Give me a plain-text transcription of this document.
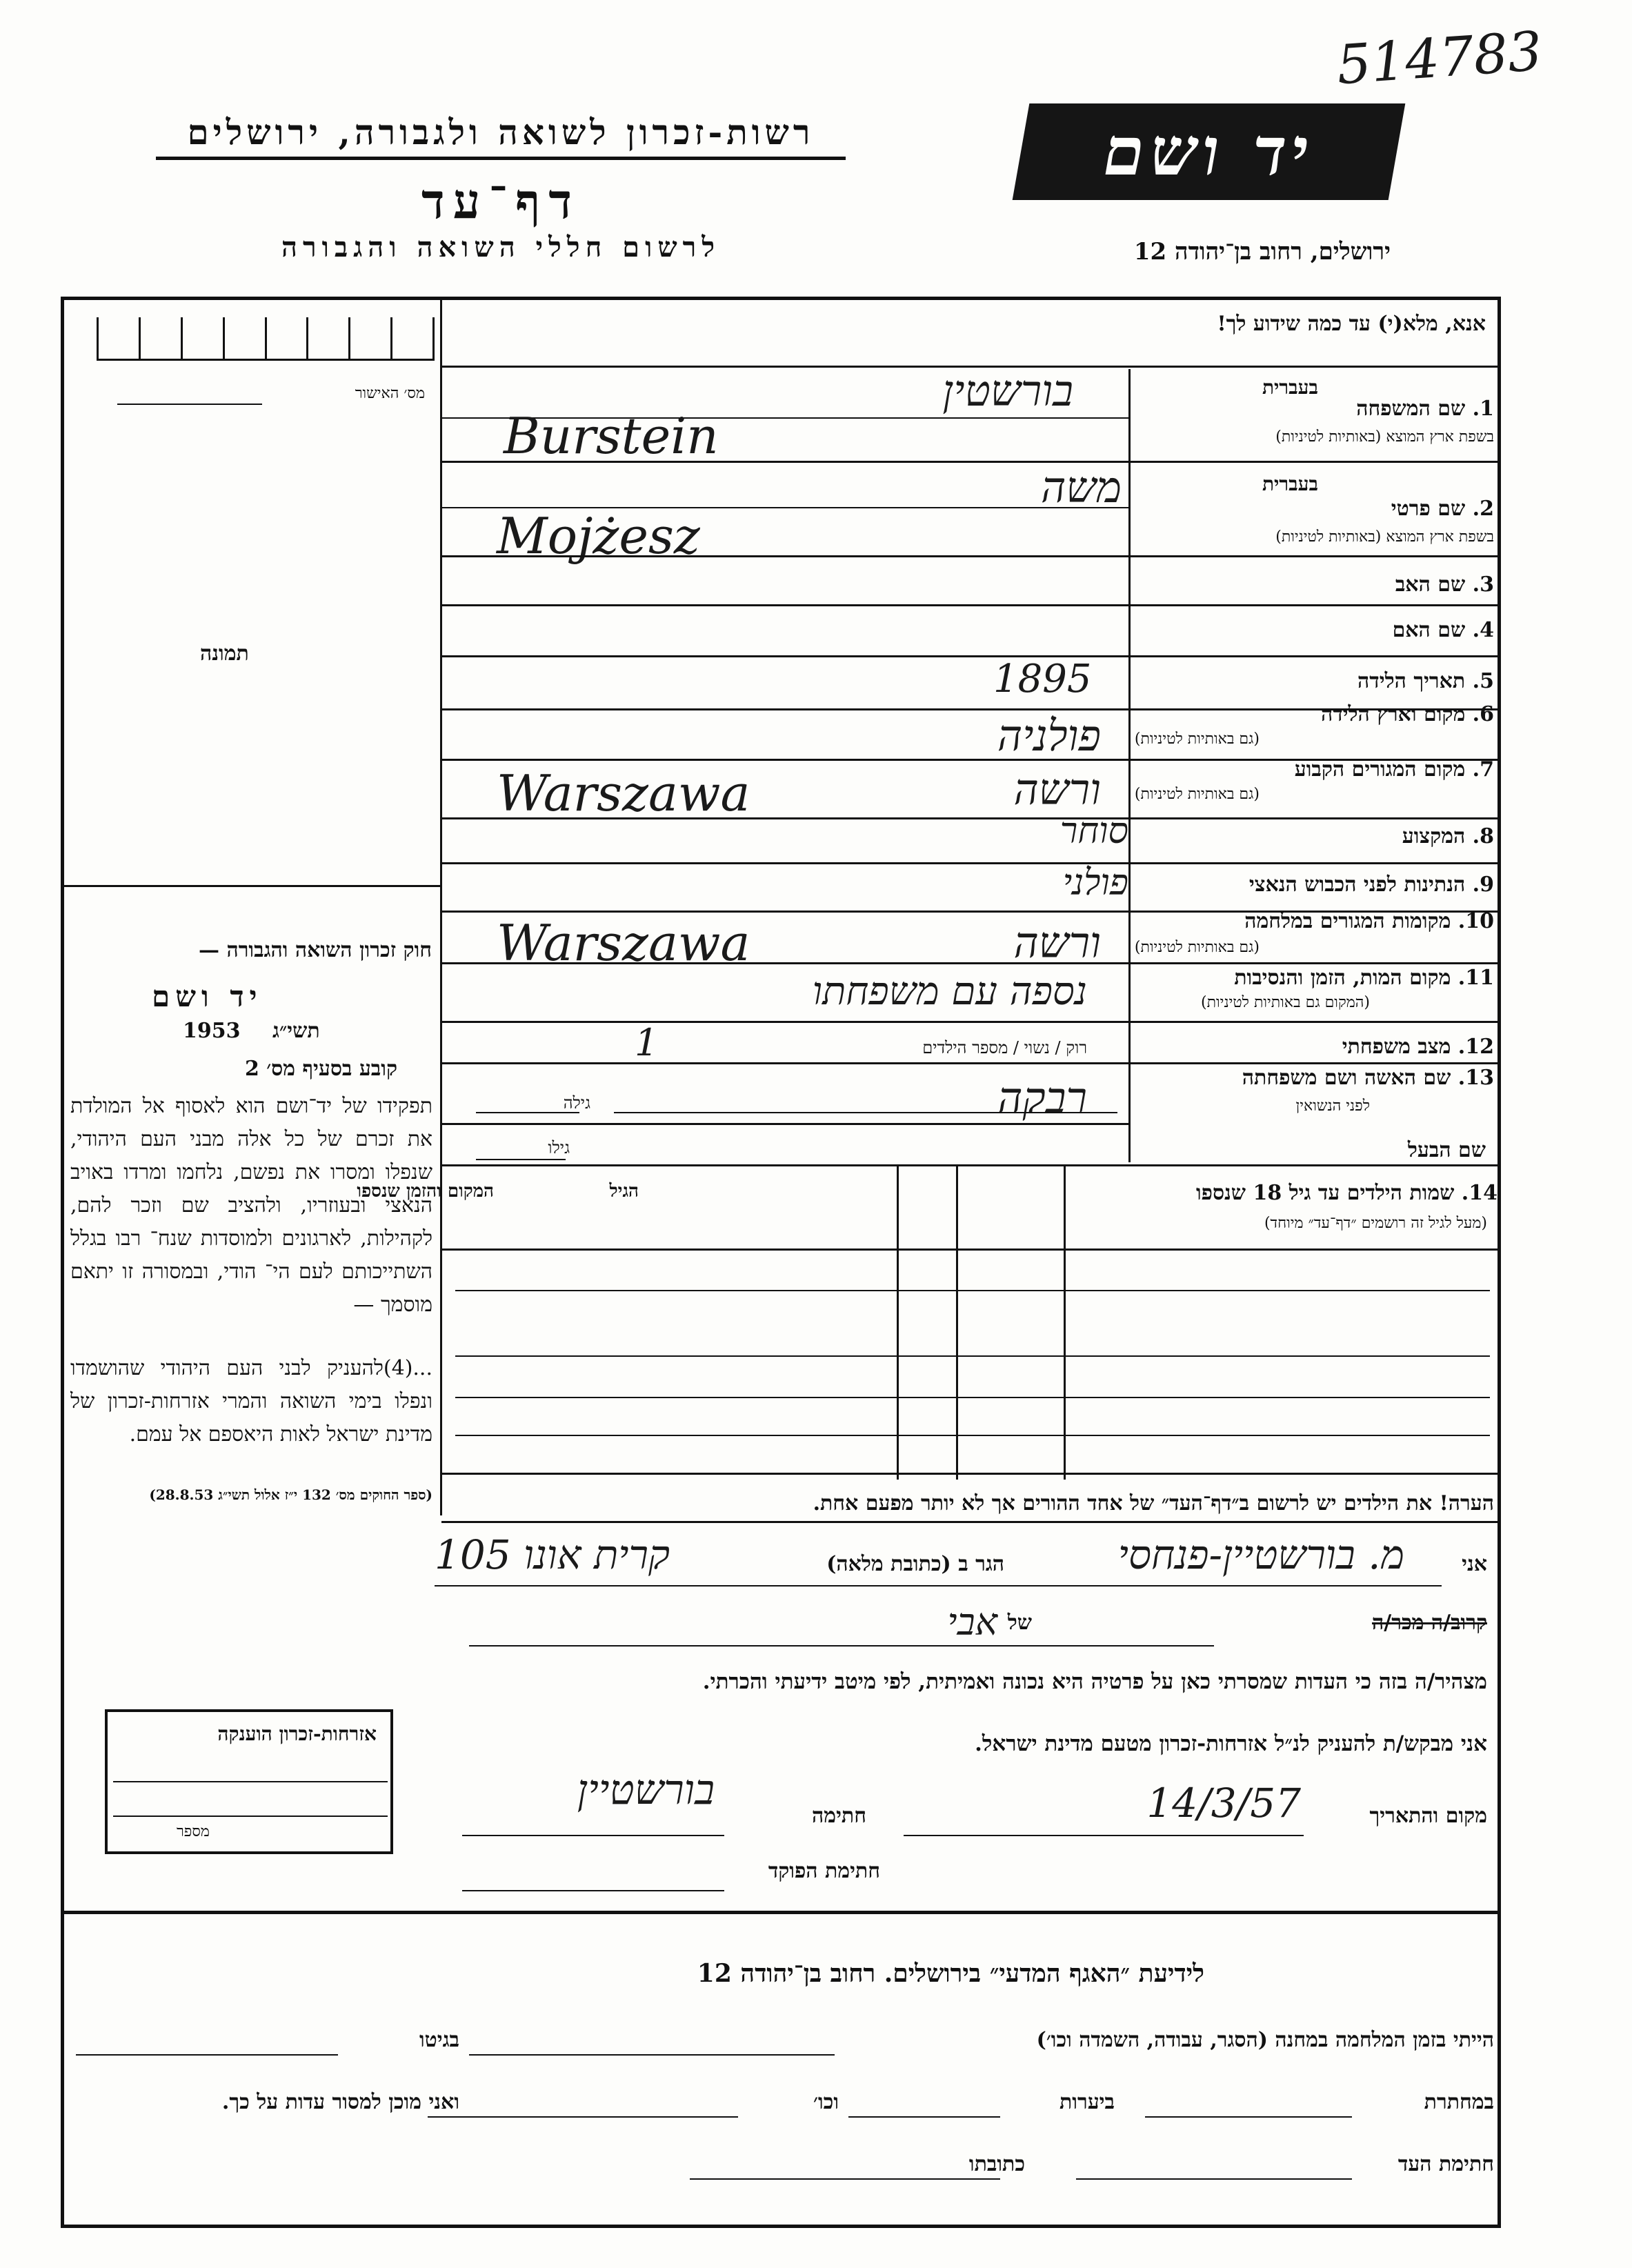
514783
רשות-זכרון לשואה ולגבורה, ירושלים
דף־עד
לרשום חללי השואה והגבורה
יד ושם
ירושלים, רחוב בן־יהודה 12
אנא, מלא(י) עד כמה שידוע לך!
מס׳ האישור
תמונה
חוק זכרון השואה והגבורה —
יד ושם
1953 תשי״ג
קובע בסעיף מס׳ 2
תפקידו של יד־ושם הוא לאסוף אל המולדת את זכרם של כל אלה מבני העם היהודי, שנפלו ומסרו את נפשם, נלחמו ומרדו באויב הנאצי ובעוזריו, ולהציב שם וזכר להם, לקהילות, לארגונים ולמוסדות שנח־ רבו בגלל השתייכותם לעם הי־ הודי, ובמסורה זו יתאם מוסמך —
...(4)להעניק לבני העם היהודי שהושמדו ונפלו בימי השואה והמרי אזרחות-זכרון של מדינת ישראל לאות היאספם אל עמם.
(ספר החוקים מס׳ 132 י״ז אלול תשי״ג 28.8.53)
בעברית
1. שם המשפחה
בשפת ארץ המוצא (באותיות לטיניות)
בורשטין
Burstein
בעברית
2. שם פרטי
בשפת ארץ המוצא (באותיות לטיניות)
משה
Mojżesz
3. שם האב
4. שם האם
5. תאריך הלידה
1895
6. מקום וארץ הלידה
(גם באותיות לטיניות)
פולניה
7. מקום המגורים הקבוע
(גם באותיות לטיניות)
ורשה
Warszawa
8. המקצוע
סוחר
9. הנתינות לפני הכבוש הנאצי
פולני
10. מקומות המגורים במלחמה
(גם באותיות לטיניות)
ורשה
Warszawa
11. מקום המות, הזמן והנסיבות
(המקום גם באותיות לטיניות)
נספה עם משפחתו
12. מצב משפחתי
רוק / נשוי / מספר הילדים
1
13. שם האשה ושם משפחתה
לפני הנשואין
גילה	רבקה
שם הבעל
גילו
14. שמות הילדים עד גיל 18 שנספו
(מעל לגיל זה רושמים ״דף־עד״ מיוחד)
הגיל
המקום והזמן שנספו
הערה! את הילדים יש לרשום ב״דף־העד״ של אחד ההורים אך לא יותר מפעם אחת.
אני
מ. בורשטיין-פנחסי
הגר ב (כתובת מלאה)
קרית אונו 105
קרוב/ה מכר/ה
של
אבי
מצהיר/ה בזה כי העדות שמסרתי כאן על פרטיה היא נכונה ואמיתית, לפי מיטב ידיעתי והכרתי.
אני מבקש/ת להעניק לנ״ל אזרחות-זכרון מטעם מדינת ישראל.
מקום והתאריך
14/3/57
חתימה
בורשטיין
חתימת הפוקד
אזרחות-זכרון הוענקה
מספר
לידיעת ״האגף המדעי״ בירושלים. רחוב בן־יהודה 12
הייתי בזמן המלחמה במחנה (הסגר, עבודה, השמדה וכו׳)
בגיטו
במחתרת
ביערות
וכו׳
ואני מוכן למסור עדות על כך.
חתימת העד
כתובתו
